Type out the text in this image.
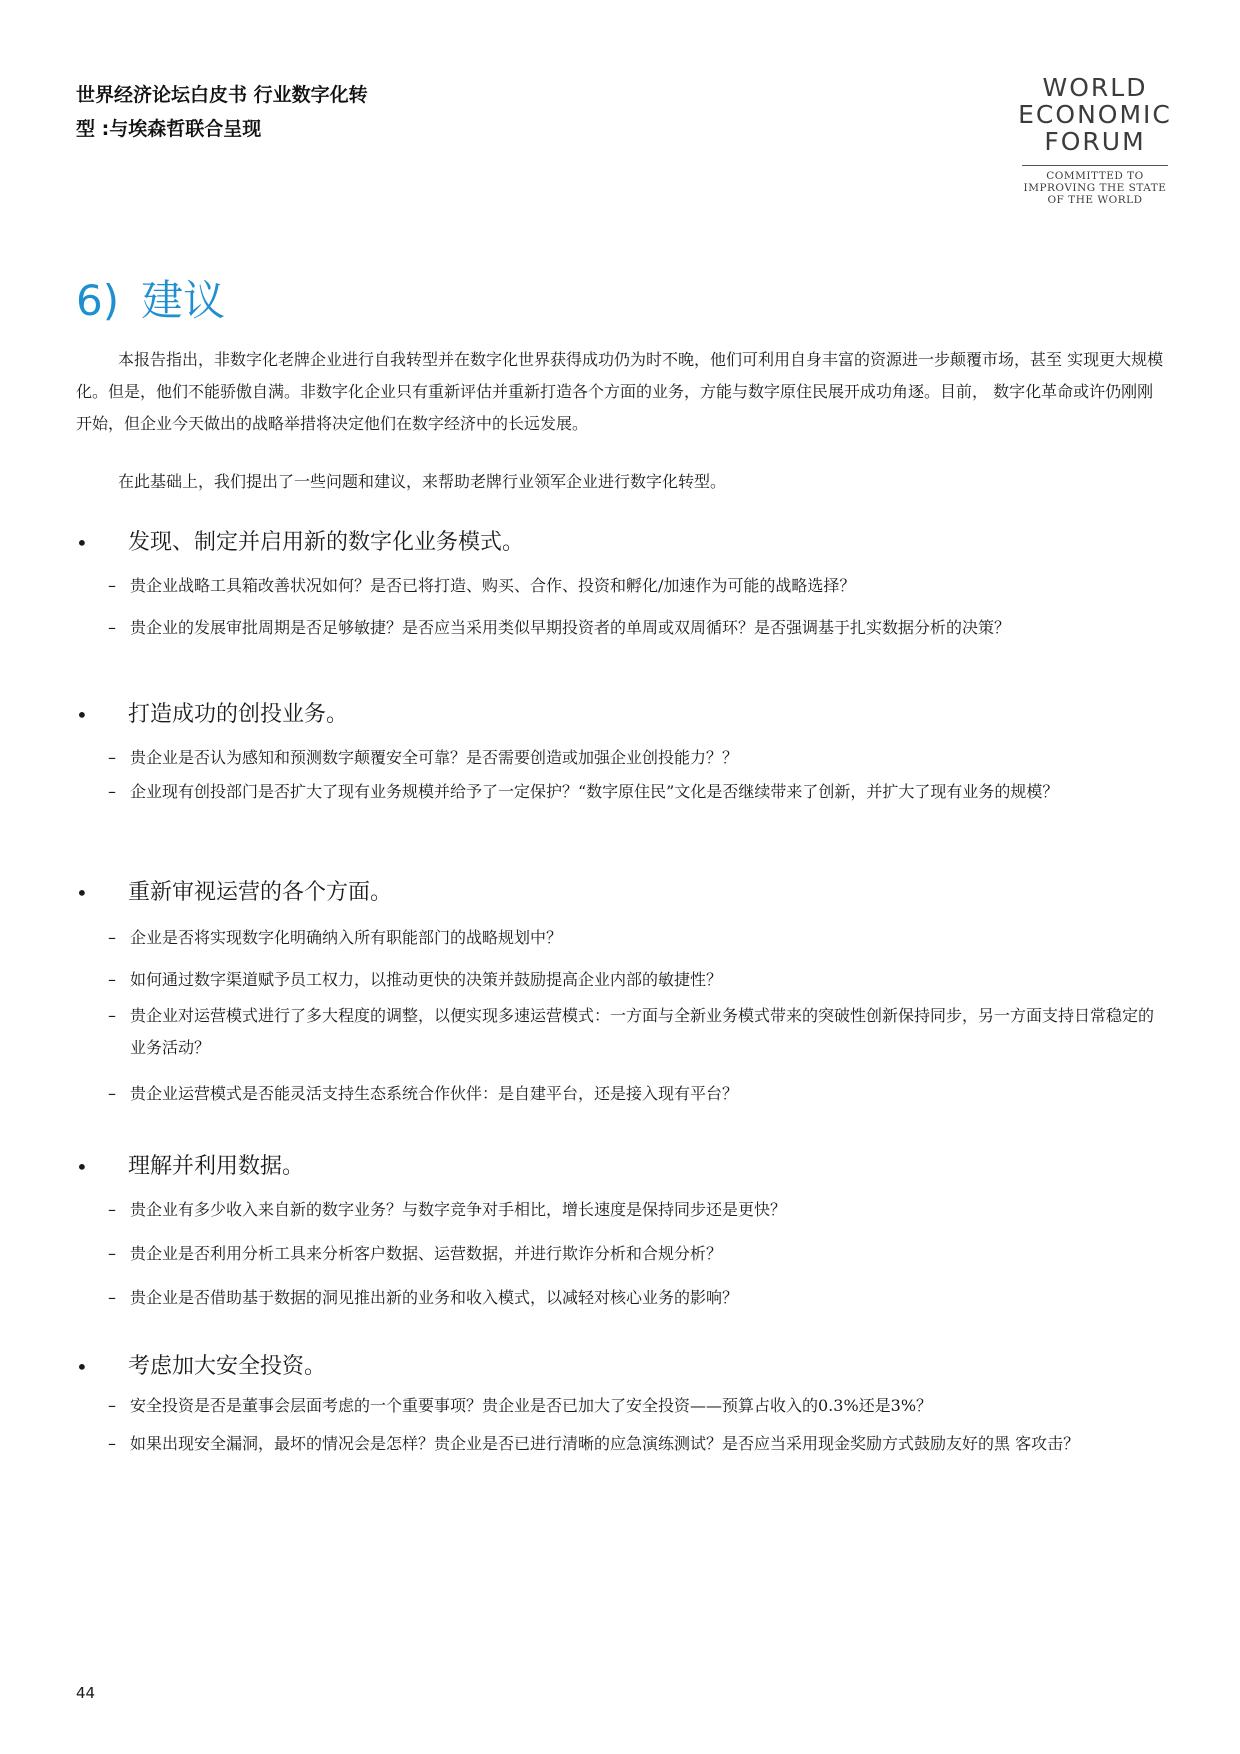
世界经济论坛白皮书 行业数字化转
型 :与埃森哲联合呈现
WORLD
ECONOMIC
FORUM
COMMITTED TO
IMPROVING THE STATE
OF THE WORLD
6) 建议

本报告指出，非数字化老牌企业进行自我转型并在数字化世界获得成功仍为时不晚，他们可利用自身丰富的资源进一步颠覆市场，甚至 实现更大规模化。但是，他们不能骄傲自满。非数字化企业只有重新评估并重新打造各个方面的业务，方能与数字原住民展开成功角逐。目前， 数字化革命或许仍刚刚开始，但企业今天做出的战略举措将决定他们在数字经济中的长远发展。

在此基础上，我们提出了一些问题和建议，来帮助老牌行业领军企业进行数字化转型。

•	发现、制定并启用新的数字化业务模式。
– 贵企业战略工具箱改善状况如何？是否已将打造、购买、合作、投资和孵化/加速作为可能的战略选择？
– 贵企业的发展审批周期是否足够敏捷？是否应当采用类似早期投资者的单周或双周循环？是否强调基于扎实数据分析的决策？
•	打造成功的创投业务。
– 贵企业是否认为感知和预测数字颠覆安全可靠？是否需要创造或加强企业创投能力？？
– 企业现有创投部门是否扩大了现有业务规模并给予了一定保护？“数字原住民”文化是否继续带来了创新，并扩大了现有业务的规模？
•	重新审视运营的各个方面。
– 企业是否将实现数字化明确纳入所有职能部门的战略规划中？
– 如何通过数字渠道赋予员工权力，以推动更快的决策并鼓励提高企业内部的敏捷性？
– 贵企业对运营模式进行了多大程度的调整，以便实现多速运营模式：一方面与全新业务模式带来的突破性创新保持同步，另一方面支持日常稳定的业务活动？
– 贵企业运营模式是否能灵活支持生态系统合作伙伴：是自建平台，还是接入现有平台？
•	理解并利用数据。
– 贵企业有多少收入来自新的数字业务？与数字竞争对手相比，增长速度是保持同步还是更快？
– 贵企业是否利用分析工具来分析客户数据、运营数据，并进行欺诈分析和合规分析？
– 贵企业是否借助基于数据的洞见推出新的业务和收入模式，以减轻对核心业务的影响？
•	考虑加大安全投资。
– 安全投资是否是董事会层面考虑的一个重要事项？贵企业是否已加大了安全投资——预算占收入的0.3%还是3%？
– 如果出现安全漏洞，最坏的情况会是怎样？贵企业是否已进行清晰的应急演练测试？是否应当采用现金奖励方式鼓励友好的黑 客攻击？
44
